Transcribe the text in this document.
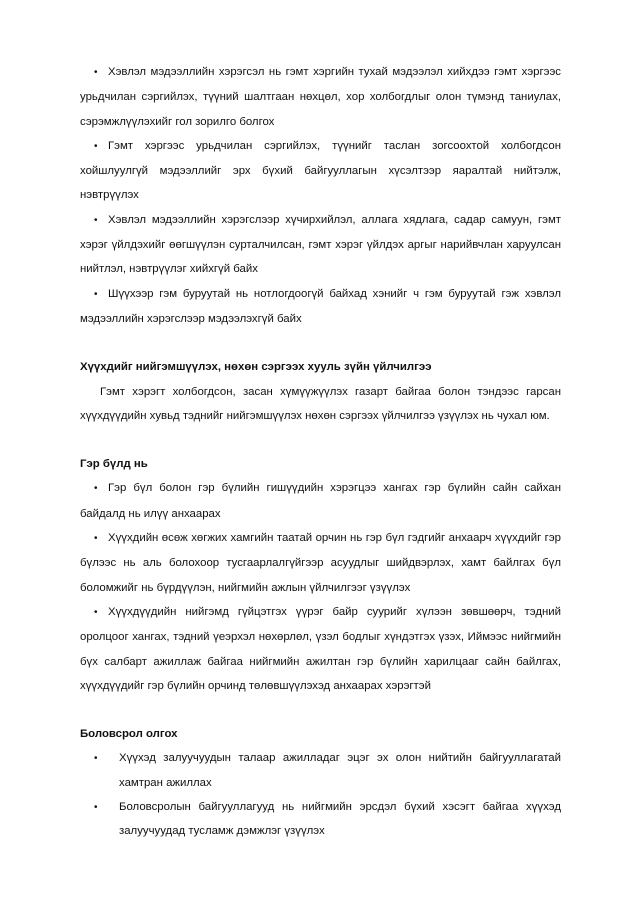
•Хэвлэл мэдээллийн хэрэгсэл нь гэмт хэргийн тухай мэдээлэл хийхдээ гэмт хэргээс урьдчилан сэргийлэх, түүний шалтгаан нөхцөл, хор холбогдлыг олон түмэнд таниулах, сэрэмжлүүлэхийг гол зорилго болгох

•Гэмт хэргээс урьдчилан сэргийлэх, түүнийг таслан зогсоохтой холбогдсон хойшлуулгүй мэдээллийг эрх бүхий байгууллагын хүсэлтээр яаралтай нийтэлж, нэвтрүүлэх

•Хэвлэл мэдээллийн хэрэгслээр хүчирхийлэл, аллага хядлага, садар самуун, гэмт хэрэг үйлдэхийг өөгшүүлэн сурталчилсан, гэмт хэрэг үйлдэх аргыг нарийвчлан харуулсан нийтлэл, нэвтрүүлэг хийхгүй байх

•Шүүхээр гэм буруутай нь нотлогдоогүй байхад хэнийг ч гэм буруутай гэж хэвлэл мэдээллийн хэрэгслээр мэдээлэхгүй байх

Хүүхдийг нийгэмшүүлэх, нөхөн сэргээх хууль зүйн үйлчилгээ

Гэмт хэрэгт холбогдсон, засан хүмүүжүүлэх газарт байгаа болон тэндээс гарсан хүүхдүүдийн хувьд тэднийг нийгэмшүүлэх нөхөн сэргээх үйлчилгээ үзүүлэх нь чухал юм.

Гэр бүлд нь

•Гэр бүл болон гэр бүлийн гишүүдийн хэрэгцээ хангах гэр бүлийн сайн сайхан байдалд нь илүү анхаарах

•Хүүхдийн өсөж хөгжих хамгийн таатай орчин нь гэр бүл гэдгийг анхаарч хүүхдийг гэр бүлээс нь аль болохоор тусгаарлалгүйгээр асуудлыг шийдвэрлэх, хамт байлгах бүл боломжийг нь бүрдүүлэн, нийгмийн ажлын үйлчилгээг үзүүлэх

•Хүүхдүүдийн нийгэмд гүйцэтгэх үүрэг байр суурийг хүлээн зөвшөөрч, тэдний оролцоог хангах, тэдний үеэрхэл нөхөрлөл, үзэл бодлыг хүндэтгэх үзэх, Иймээс нийгмийн бүх салбарт ажиллаж байгаа нийгмийн ажилтан гэр бүлийн харилцааг сайн байлгах, хүүхдүүдийг гэр бүлийн орчинд төлөвшүүлэхэд анхаарах хэрэгтэй

Боловсрол олгох

•
Хүүхэд залуучуудын талаар ажилладаг эцэг эх олон нийтийн байгууллагатай хамтран ажиллах

•
Боловсролын байгууллагууд нь нийгмийн эрсдэл бүхий хэсэгт байгаа хүүхэд залуучуудад тусламж дэмжлэг үзүүлэх
